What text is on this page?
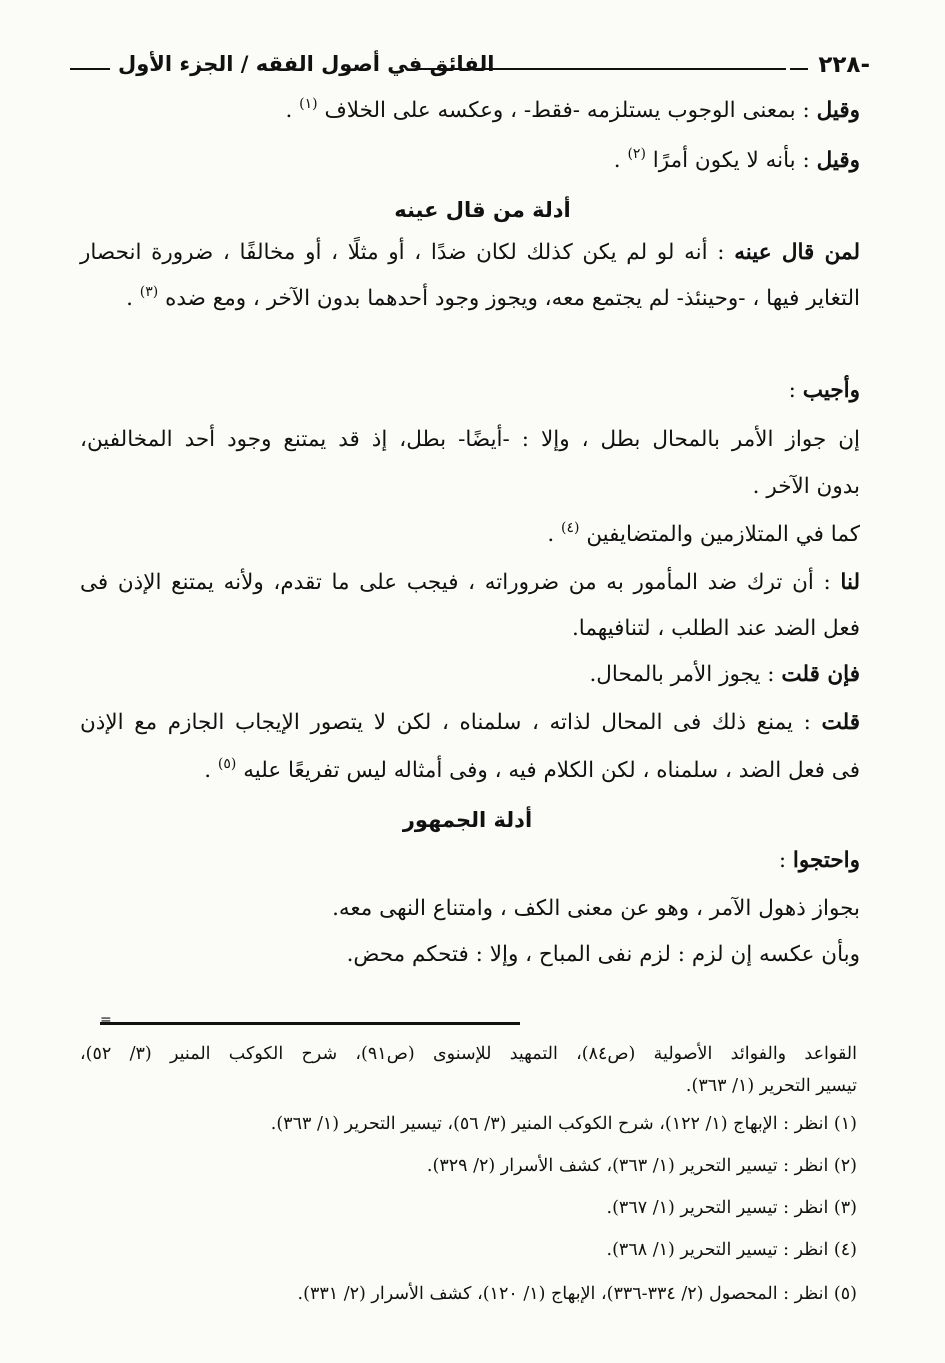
-٢٢٨
الفائق في أصول الفقه / الجزء الأول
وقيل : بمعنى الوجوب يستلزمه -فقط- ، وعكسه على الخلاف $^{(١)}$ .
وقيل : بأنه لا يكون أمرًا $^{(٢)}$ .
أدلة من قال عينه
لمن قال عينه : أنه لو لم يكن كذلك لكان ضدًا ، أو مثلًا ، أو مخالفًا ، ضرورة انحصار
التغاير فيها ، -وحينئذ- لم يجتمع معه، ويجوز وجود أحدهما بدون الآخر ، ومع ضده $^{(٣)}$ .
وأجيب :
إن جواز الأمر بالمحال بطل ، وإلا : -أيضًا- بطل، إذ قد يمتنع وجود أحد المخالفين،
بدون الآخر .
كما في المتلازمين والمتضايفين $^{(٤)}$ .
لنا : أن ترك ضد المأمور به من ضروراته ، فيجب على ما تقدم، ولأنه يمتنع الإذن فى
فعل الضد عند الطلب ، لتنافيهما.
فإن قلت : يجوز الأمر بالمحال.
قلت : يمنع ذلك فى المحال لذاته ، سلمناه ، لكن لا يتصور الإيجاب الجازم مع الإذن
فى فعل الضد ، سلمناه ، لكن الكلام فيه ، وفى أمثاله ليس تفريعًا عليه $^{(٥)}$ .
أدلة الجمهور
واحتجوا :
بجواز ذهول الآمر ، وهو عن معنى الكف ، وامتناع النهى معه.
وبأن عكسه إن لزم : لزم نفى المباح ، وإلا : فتحكم محض.
=
القواعد والفوائد الأصولية (ص٨٤)، التمهيد للإسنوى (ص٩١)، شرح الكوكب المنير (٣/ ٥٢)،
تيسير التحرير (١/ ٣٦٣).
(١) انظر : الإبهاج (١/ ١٢٢)، شرح الكوكب المنير (٣/ ٥٦)، تيسير التحرير (١/ ٣٦٣).
(٢) انظر : تيسير التحرير (١/ ٣٦٣)، كشف الأسرار (٢/ ٣٢٩).
(٣) انظر : تيسير التحرير (١/ ٣٦٧).
(٤) انظر : تيسير التحرير (١/ ٣٦٨).
(٥) انظر : المحصول (٢/ ٣٣٤-٣٣٦)، الإبهاج (١/ ١٢٠)، كشف الأسرار (٢/ ٣٣١).
